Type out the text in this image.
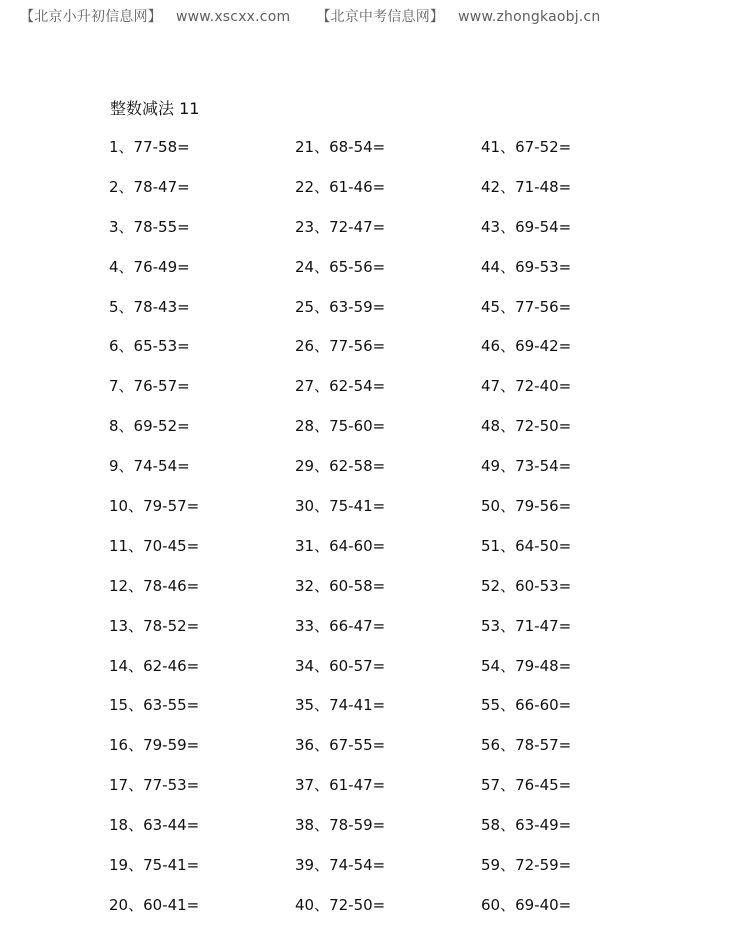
【北京小升初信息网】 www.xscxx.com 【北京中考信息网】 www.zhongkaobj.cn
整数减法 11
1、77-58=
2、78-47=
3、78-55=
4、76-49=
5、78-43=
6、65-53=
7、76-57=
8、69-52=
9、74-54=
10、79-57=
11、70-45=
12、78-46=
13、78-52=
14、62-46=
15、63-55=
16、79-59=
17、77-53=
18、63-44=
19、75-41=
20、60-41=
21、68-54=
22、61-46=
23、72-47=
24、65-56=
25、63-59=
26、77-56=
27、62-54=
28、75-60=
29、62-58=
30、75-41=
31、64-60=
32、60-58=
33、66-47=
34、60-57=
35、74-41=
36、67-55=
37、61-47=
38、78-59=
39、74-54=
40、72-50=
41、67-52=
42、71-48=
43、69-54=
44、69-53=
45、77-56=
46、69-42=
47、72-40=
48、72-50=
49、73-54=
50、79-56=
51、64-50=
52、60-53=
53、71-47=
54、79-48=
55、66-60=
56、78-57=
57、76-45=
58、63-49=
59、72-59=
60、69-40=
